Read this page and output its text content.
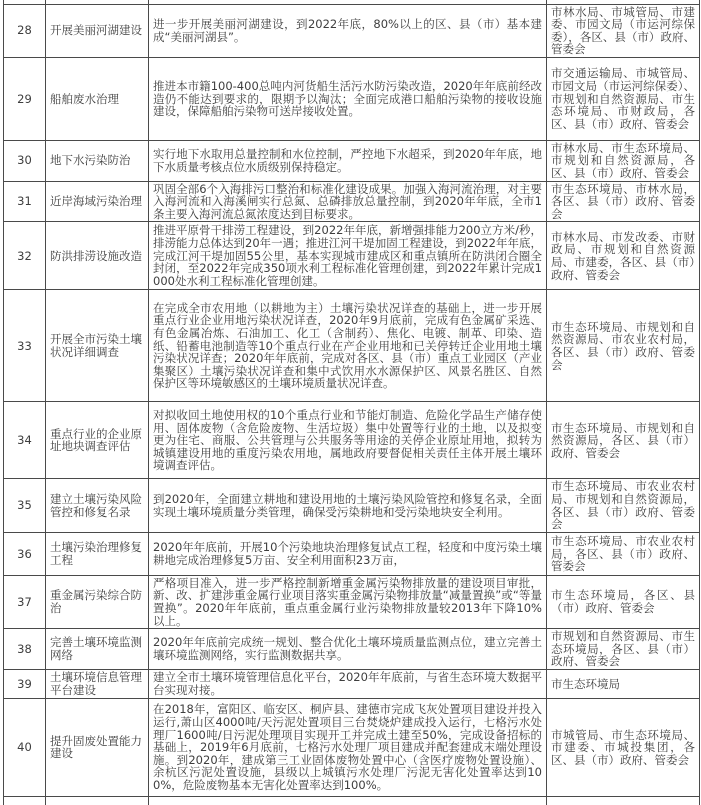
28	开展美丽河湖建设	进一步开展美丽河湖建设，到2022年底，80%以上的区、县（市）基本建成“美丽河湖县”。	市林水局、市城管局、市建委、市园文局（市运河综保委），各区、县（市）政府、管委会
29	船舶废水治理	推进本市籍100-400总吨内河货船生活污水防污染改造，2020年年底前经改造仍不能达到要求的，限期予以淘汰；全面完成港口船舶污染物的接收设施建设，保障船舶污染物可送岸接收处置。	市交通运输局、市城管局、市园文局（市运河综保委）、市规划和自然资源局、市生态环境局、市财政局，各区、县（市）政府、管委会
30	地下水污染防治	实行地下水取用总量控制和水位控制，严控地下水超采，到2020年年底，地下水质量考核点位水质级别保持稳定。	市林水局、市生态环境局、市规划和自然资源局，各区、县（市）政府、管委会
31	近岸海域污染治理	巩固全部6个入海排污口整治和标准化建设成果。加强入海河流治理，对主要入海河流和入海溪闸实行总氮、总磷排放总量控制，到2020年年底，全市1条主要入海河流总氮浓度达到目标要求。	市生态环境局、市林水局，各区、县（市）政府、管委会
32	防洪排涝设施改造	推进平原骨干排涝工程建设，到2022年年底，新增强排能力200立方米/秒，排涝能力总体达到20年一遇；推进江河干堤加固工程建设，到2022年年底，完成江河干堤加固55公里，基本实现城市建成区和重点镇所在防洪闭合圈全封闭，至2022年完成350项水利工程标准化管理创建，到2022年累计完成1000处水利工程标准化管理创建。	市林水局、市发改委、市财政局、市规划和自然资源局、市建委，各区、县（市）政府、管委会
33	开展全市污染土壤状况详细调查	在完成全市农用地（以耕地为主）土壤污染状况详查的基础上，进一步开展重点行业企业用地污染状况详查，2020年9月底前，完成有色金属矿采选、有色金属冶炼、石油加工、化工（含制药）、焦化、电镀、制革、印染、造纸、铅蓄电池制造等10个重点行业在产企业用地和已关停转迁企业用地土壤污染状况详查；2020年年底前，完成对各区、县（市）重点工业园区（产业集聚区）土壤污染状况详查和集中式饮用水水源保护区、风景名胜区、自然保护区等环境敏感区的土壤环境质量状况详查。	市生态环境局、市规划和自然资源局、市农业农村局，各区、县（市）政府、管委会
34	重点行业的企业原址地块调查评估	对拟收回土地使用权的10个重点行业和节能灯制造、危险化学品生产储存使用、固体废物（含危险废物、生活垃圾）集中处置等行业的土地，以及拟变更为住宅、商服、公共管理与公共服务等用途的关停企业原址用地，拟转为城镇建设用地的重度污染农用地，属地政府要督促相关责任主体开展土壤环境调查评估。	市生态环境局、市规划和自然资源局，各区、县（市）政府、管委会
35	建立土壤污染风险管控和修复名录	到2020年，全面建立耕地和建设用地的土壤污染风险管控和修复名录，全面实现土壤环境质量分类管理，确保受污染耕地和受污染地块安全利用。	市生态环境局、市农业农村局、市规划和自然资源局，各区、县（市）政府、管委会
36	土壤污染治理修复工程	2020年年底前，开展10个污染地块治理修复试点工程，轻度和中度污染土壤耕地完成治理修复5万亩、安全利用面积23万亩，	市生态环境局、市农业农村局，各区、县（市）政府、管委会
37	重金属污染综合防治	严格项目准入，进一步严格控制新增重金属污染物排放量的建设项目审批，新、改、扩建涉重金属行业项目落实重金属污染物排放量“减量置换”或“等量置换”。2020年年底前，重点重金属行业污染物排放量较2013年下降10%以上。	市生态环境局，各区、县（市）政府、管委会
38	完善土壤环境监测网络	2020年年底前完成统一规划、整合优化土壤环境质量监测点位，建立完善土壤环境监测网络，实行监测数据共享。	市规划和自然资源局、市生态环境局，各区、县（市）政府、管委会
39	土壤环境信息管理平台建设	建立全市土壤环境管理信息化平台，2020年年底前，与省生态环境大数据平台实现对接。	市生态环境局
40	提升固废处置能力建设	在2018年，富阳区、临安区、桐庐县、建德市完成飞灰处置项目建设并投入运行,萧山区4000吨/天污泥处置项目三台焚烧炉建成投入运行，七格污水处理厂1600吨/日污泥处理项目实现开工并完成土建至50%，完成设备招标的基础上，2019年6月底前，七格污水处理厂项目建成并配套建成末端处理设施。到2020年，建成第三工业固体废物处置中心（含医疗废物处置设施）、余杭区污泥处置设施，县级以上城镇污水处理厂污泥无害化处置率达到100%，危险废物基本无害化处置率达到100%。	市城管局、市生态环境局、市建委、市城投集团，各区、县（市）政府、管委会
